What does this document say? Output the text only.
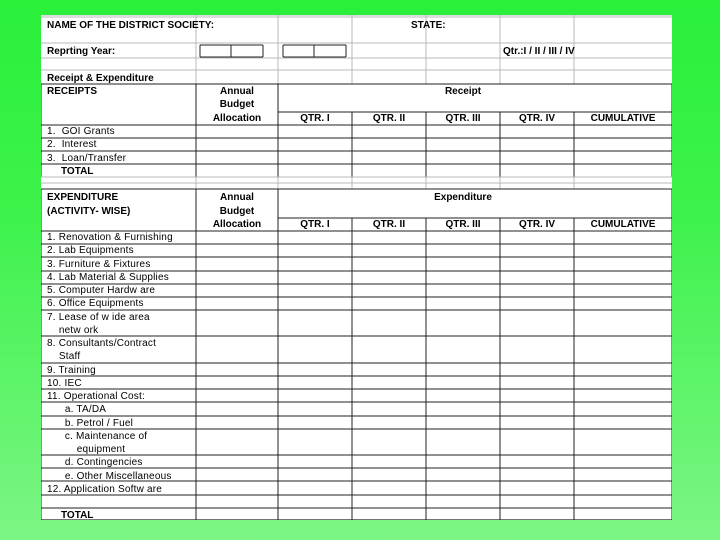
NAME OF THE DISTRICT SOCIETY:	STATE:
Reprting Year:	Qtr.:I / II / III / IV
Receipt & Expenditure
RECEIPTS	Annual
Budget
Allocation
Receipt
QTR. I	QTR. II	QTR. III	QTR. IV	CUMULATIVE
1.  GOI Grants
2.  Interest
3.  Loan/Transfer
TOTAL
EXPENDITURE
(ACTIVITY- WISE)
Annual
Budget
Allocation
Expenditure
QTR. I	QTR. II	QTR. III	QTR. IV	CUMULATIVE
1. Renovation & Furnishing
2. Lab Equipments
3. Furniture & Fixtures
4. Lab Material & Supplies
5. Computer Hardw are
6. Office Equipments
7. Lease of w ide area
netw ork
8. Consultants/Contract
Staff
9. Training
10. IEC
11. Operational Cost:
a. TA/DA
b. Petrol / Fuel
c. Maintenance of
equipment
d. Contingencies
e. Other Miscellaneous
12. Application Softw are
TOTAL
